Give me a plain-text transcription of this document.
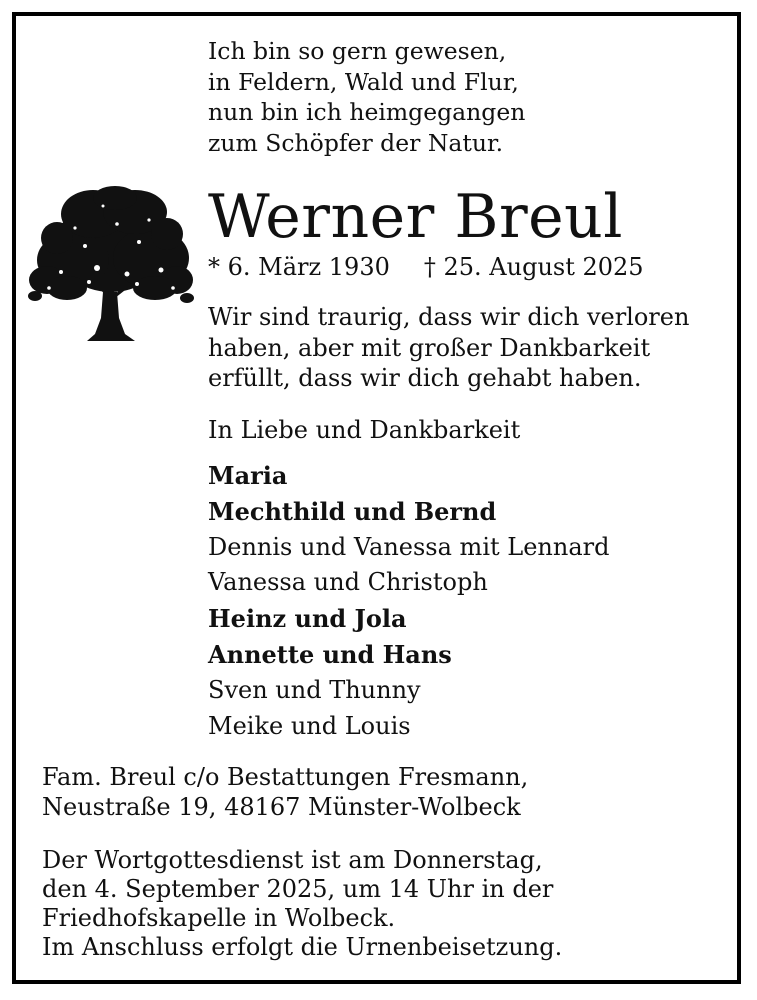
Ich bin so gern gewesen,
in Feldern, Wald und Flur,
nun bin ich heimgegangen
zum Schöpfer der Natur.
Werner Breul
* 6. März 1930 † 25. August 2025
Wir sind traurig, dass wir dich verloren
haben, aber mit großer Dankbarkeit
erfüllt, dass wir dich gehabt haben.
In Liebe und Dankbarkeit
Maria
Mechthild und Bernd
Dennis und Vanessa mit Lennard
Vanessa und Christoph
Heinz und Jola
Annette und Hans
Sven und Thunny
Meike und Louis
Fam. Breul c/o Bestattungen Fresmann,
Neustraße 19, 48167 Münster-Wolbeck
Der Wortgottesdienst ist am Donnerstag,
den 4. September 2025, um 14 Uhr in der
Friedhofskapelle in Wolbeck.
Im Anschluss erfolgt die Urnenbeisetzung.
